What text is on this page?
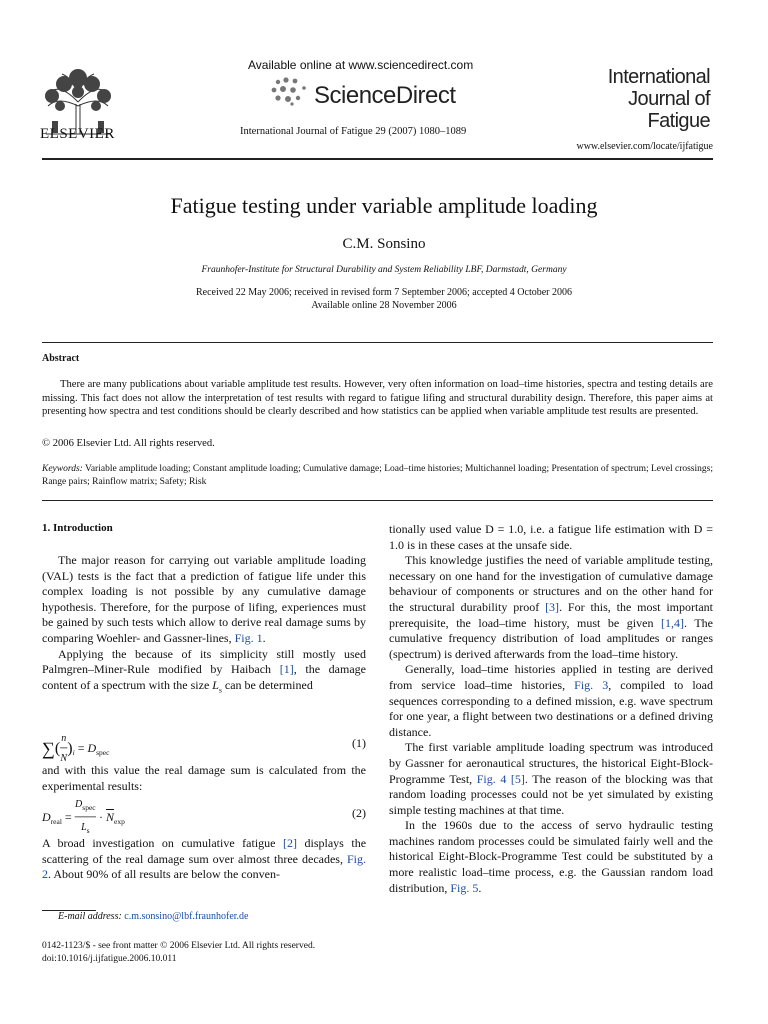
ELSEVIER
Available online at www.sciencedirect.com
ScienceDirect
International Journal of Fatigue 29 (2007) 1080–1089
International
Journal of
Fatigue
www.elsevier.com/locate/ijfatigue
Fatigue testing under variable amplitude loading
C.M. Sonsino
Fraunhofer-Institute for Structural Durability and System Reliability LBF, Darmstadt, Germany
Received 22 May 2006; received in revised form 7 September 2006; accepted 4 October 2006
Available online 28 November 2006
Abstract

There are many publications about variable amplitude test results. However, very often information on load–time histories, spectra and testing details are missing. This fact does not allow the interpretation of test results with regard to fatigue lifing and structural durability design. Therefore, this paper aims at presenting how spectra and test conditions should be clearly described and how statistics can be applied when variable amplitude test results are presented.

© 2006 Elsevier Ltd. All rights reserved.
Keywords: Variable amplitude loading; Constant amplitude loading; Cumulative damage; Load–time histories; Multichannel loading; Presentation of spectrum; Level crossings; Range pairs; Rainflow matrix; Safety; Risk
1. Introduction

The major reason for carrying out variable amplitude loading (VAL) tests is the fact that a prediction of fatigue life under this complex loading is not possible by any cumulative damage hypothesis. Therefore, for the purpose of lifing, experiences must be gained by such tests which allow to derive real damage sums by comparing Woehler- and Gassner-lines, Fig. 1.

Applying the because of its simplicity still mostly used Palmgren–Miner-Rule modified by Haibach [1], the damage content of a spectrum with the size $L_s$ can be determined

∑(n
─
$N)_i = D_{spec}$
(1)

and with this value the real damage sum is calculated from the experimental results:

$D_{real} = D_{spec}$
───
$L_s \cdot \overline{N}_{exp}$
(2)

A broad investigation on cumulative fatigue [2] displays the scattering of the real damage sum over almost three decades, Fig. 2. About 90% of all results are below the conven-

tionally used value D = 1.0, i.e. a fatigue life estimation with D = 1.0 is in these cases at the unsafe side.

This knowledge justifies the need of variable amplitude testing, necessary on one hand for the investigation of cumulative damage behaviour of components or structures and on the other hand for the structural durability proof [3]. For this, the most important prerequisite, the load–time history, must be given [1,4]. The cumulative frequency distribution of load amplitudes or ranges (spectrum) is derived afterwards from the load–time history.

Generally, load–time histories applied in testing are derived from service load–time histories, Fig. 3, compiled to load sequences corresponding to a defined mission, e.g. wave spectrum for one year, a flight between two destinations or a defined driving distance.

The first variable amplitude loading spectrum was introduced by Gassner for aeronautical structures, the historical Eight-Block-Programme Test, Fig. 4 [5]. The reason of the blocking was that random loading processes could not be yet simulated by existing simple testing machines at that time.

In the 1960s due to the access of servo hydraulic testing machines random processes could be simulated fairly well and the historical Eight-Block-Programme Test could be substituted by a more realistic load–time process, e.g. the Gaussian random load distribution, Fig. 5.

E-mail address: c.m.sonsino@lbf.fraunhofer.de
0142-1123/$ - see front matter © 2006 Elsevier Ltd. All rights reserved.
doi:10.1016/j.ijfatigue.2006.10.011
